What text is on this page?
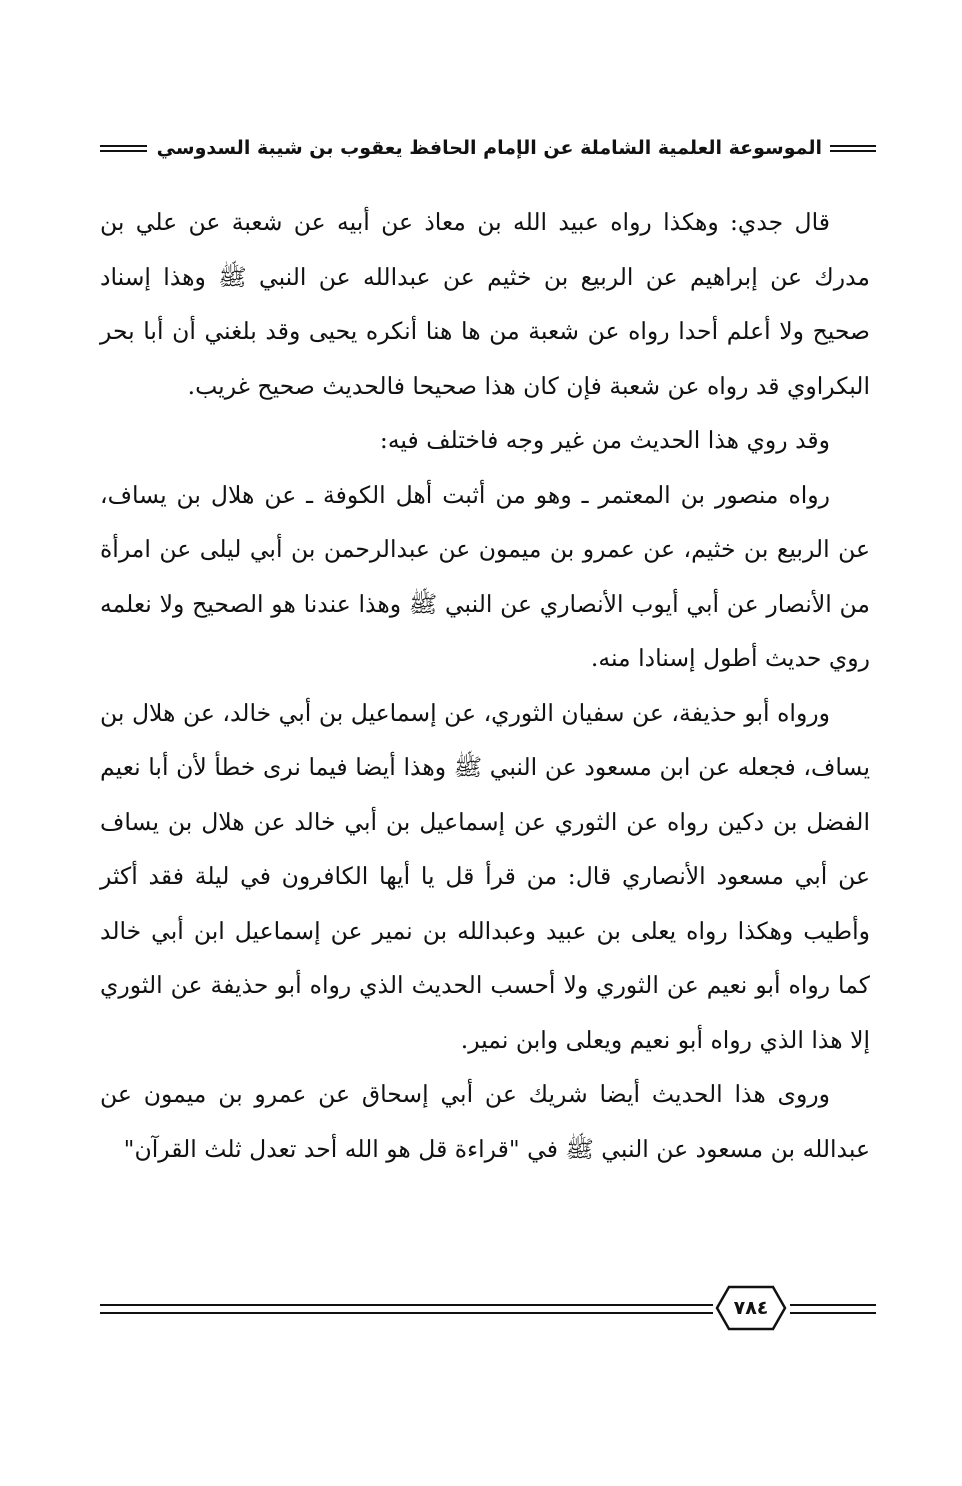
الموسوعة العلمية الشاملة عن الإمام الحافظ يعقوب بن شيبة السدوسي

قال جدي: وهكذا رواه عبيد الله بن معاذ عن أبيه عن شعبة عن علي بن مدرك عن إبراهيم عن الربيع بن خثيم عن عبدالله عن النبي ﷺ وهذا إسناد صحيح ولا أعلم أحدا رواه عن شعبة من ها هنا أنكره يحيى وقد بلغني أن أبا بحر البكراوي قد رواه عن شعبة فإن كان هذا صحيحا فالحديث صحيح غريب.

وقد روي هذا الحديث من غير وجه فاختلف فيه:

رواه منصور بن المعتمر ـ وهو من أثبت أهل الكوفة ـ عن هلال بن يساف، عن الربيع بن خثيم، عن عمرو بن ميمون عن عبدالرحمن بن أبي ليلى عن امرأة من الأنصار عن أبي أيوب الأنصاري عن النبي ﷺ وهذا عندنا هو الصحيح ولا نعلمه روي حديث أطول إسنادا منه.

ورواه أبو حذيفة، عن سفيان الثوري، عن إسماعيل بن أبي خالد، عن هلال بن يساف، فجعله عن ابن مسعود عن النبي ﷺ وهذا أيضا فيما نرى خطأ لأن أبا نعيم الفضل بن دكين رواه عن الثوري عن إسماعيل بن أبي خالد عن هلال بن يساف عن أبي مسعود الأنصاري قال: من قرأ قل يا أيها الكافرون في ليلة فقد أكثر وأطيب وهكذا رواه يعلى بن عبيد وعبدالله بن نمير عن إسماعيل ابن أبي خالد كما رواه أبو نعيم عن الثوري ولا أحسب الحديث الذي رواه أبو حذيفة عن الثوري إلا هذا الذي رواه أبو نعيم ويعلى وابن نمير.

وروى هذا الحديث أيضا شريك عن أبي إسحاق عن عمرو بن ميمون عن عبدالله بن مسعود عن النبي ﷺ في "قراءة قل هو الله أحد تعدل ثلث القرآن"

٧٨٤
